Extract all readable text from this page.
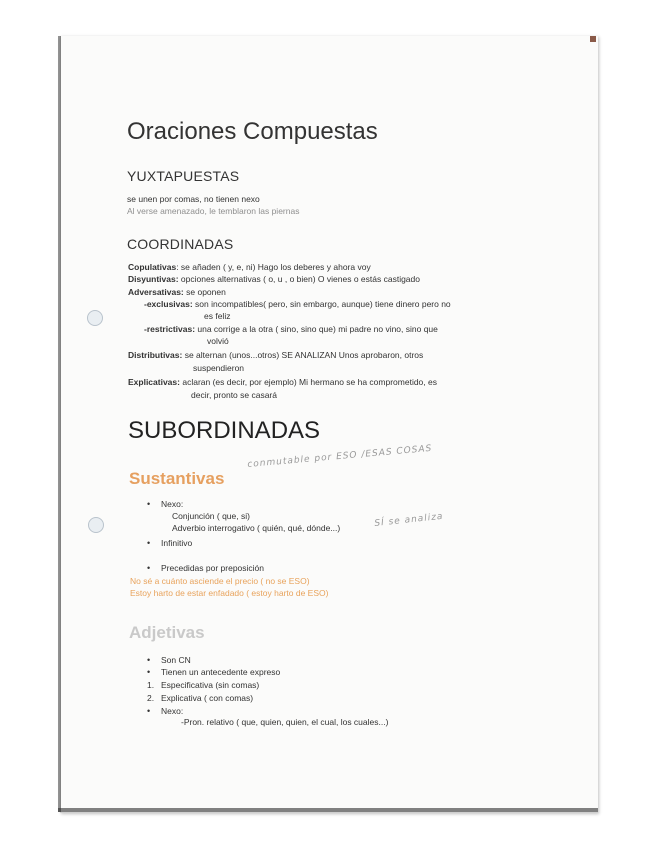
Oraciones Compuestas
YUXTAPUESTAS
se unen por comas, no tienen nexo
Al verse amenazado, le temblaron las piernas
COORDINADAS
Copulativas: se añaden ( y, e, ni) Hago los deberes y ahora voy
Disyuntivas: opciones alternativas ( o, u , o bien) O vienes o estás castigado
Adversativas: se oponen
-exclusivas: son incompatibles( pero, sin embargo, aunque) tiene dinero pero no
es feliz
-restrictivas: una corrige a la otra ( sino, sino que) mi padre no vino, sino que
volvió
Distributivas: se alternan (unos...otros) SE ANALIZAN Unos aprobaron, otros
suspendieron
Explicativas: aclaran (es decir, por ejemplo) Mi hermano se ha comprometido, es
decir, pronto se casará
SUBORDINADAS
Sustantivas
conmutable por ESO /ESAS COSAS
• Nexo:
Conjunción ( que, si)
Adverbio interrogativo ( quién, qué, dónde...)	SÍ se analiza
• Infinitivo
• Precedidas por preposición
No sé a cuánto asciende el precio ( no se ESO)
Estoy harto de estar enfadado ( estoy harto de ESO)
Adjetivas
• Son CN
• Tienen un antecedente expreso
1. Especificativa (sin comas)
2. Explicativa ( con comas)
• Nexo:
-Pron. relativo ( que, quien, quien, el cual, los cuales...)
